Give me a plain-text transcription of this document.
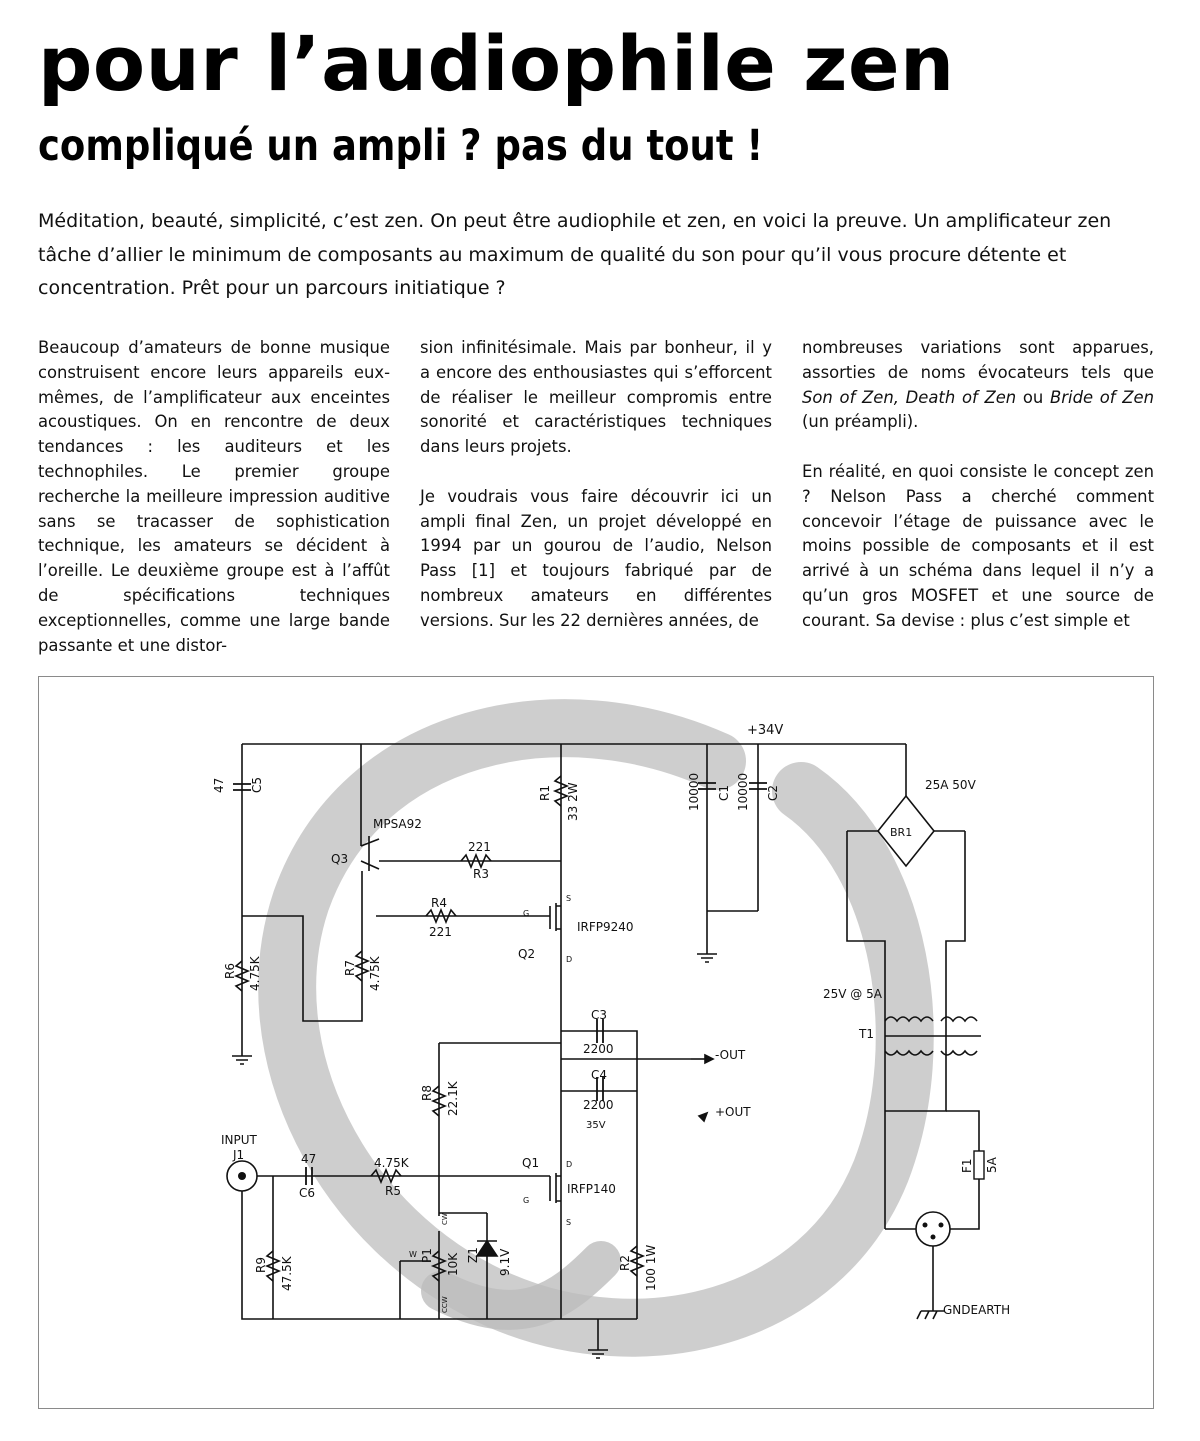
pour l’audiophile zen
compliqué un ampli ? pas du tout !

Méditation, beauté, simplicité, c’est zen. On peut être audiophile et zen, en voici la preuve. Un amplificateur zen tâche d’allier le minimum de composants au maximum de qualité du son pour qu’il vous procure détente et concentration. Prêt pour un parcours initiatique ?

Beaucoup d’amateurs de bonne musique construisent encore leurs appareils eux-mêmes, de l’amplificateur aux enceintes acoustiques. On en rencontre de deux tendances : les auditeurs et les technophiles. Le premier groupe recherche la meilleure impression auditive sans se tracasser de sophistication technique, les amateurs se décident à l’oreille. Le deuxième groupe est à l’affût de spécifications techniques exceptionnelles, comme une large bande passante et une distor-

sion infinitésimale. Mais par bonheur, il y a encore des enthousiastes qui s’efforcent de réaliser le meilleur compromis entre sonorité et caractéristiques techniques dans leurs projets.

Je voudrais vous faire découvrir ici un ampli final Zen, un projet développé en 1994 par un gourou de l’audio, Nelson Pass [1] et toujours fabriqué par de nombreux amateurs en différentes versions. Sur les 22 dernières années, de

nombreuses variations sont apparues, assorties de noms évocateurs tels que Son of Zen, Death of Zen ou Bride of Zen (un préampli).

En réalité, en quoi consiste le concept zen ? Nelson Pass a cherché comment concevoir l’étage de puissance avec le moins possible de composants et il est arrivé à un schéma dans lequel il n’y a qu’un gros MOSFET et une source de courant. Sa devise : plus c’est simple et

+34V
47 C5
R1 33 2W	10000 C1 10000 C2	25A 50V
BR1
MPSA92
Q3
221
R3
R4
221	IRFP9240
Q2
G
S
D
R6 4.75K	R7 4.75K
25V @ 5A
T1
C3
2200
C4
2200
35V
-OUT
+OUT
R8 22.1K
INPUT
J1	47
C6
4.75K
R5
Q1
IRFP140
G
D
S
F1 5A
P1 10K
W
CW
CCW
Z1 9.1V
R9 47.5K	R2 100 1W
GNDEARTH
